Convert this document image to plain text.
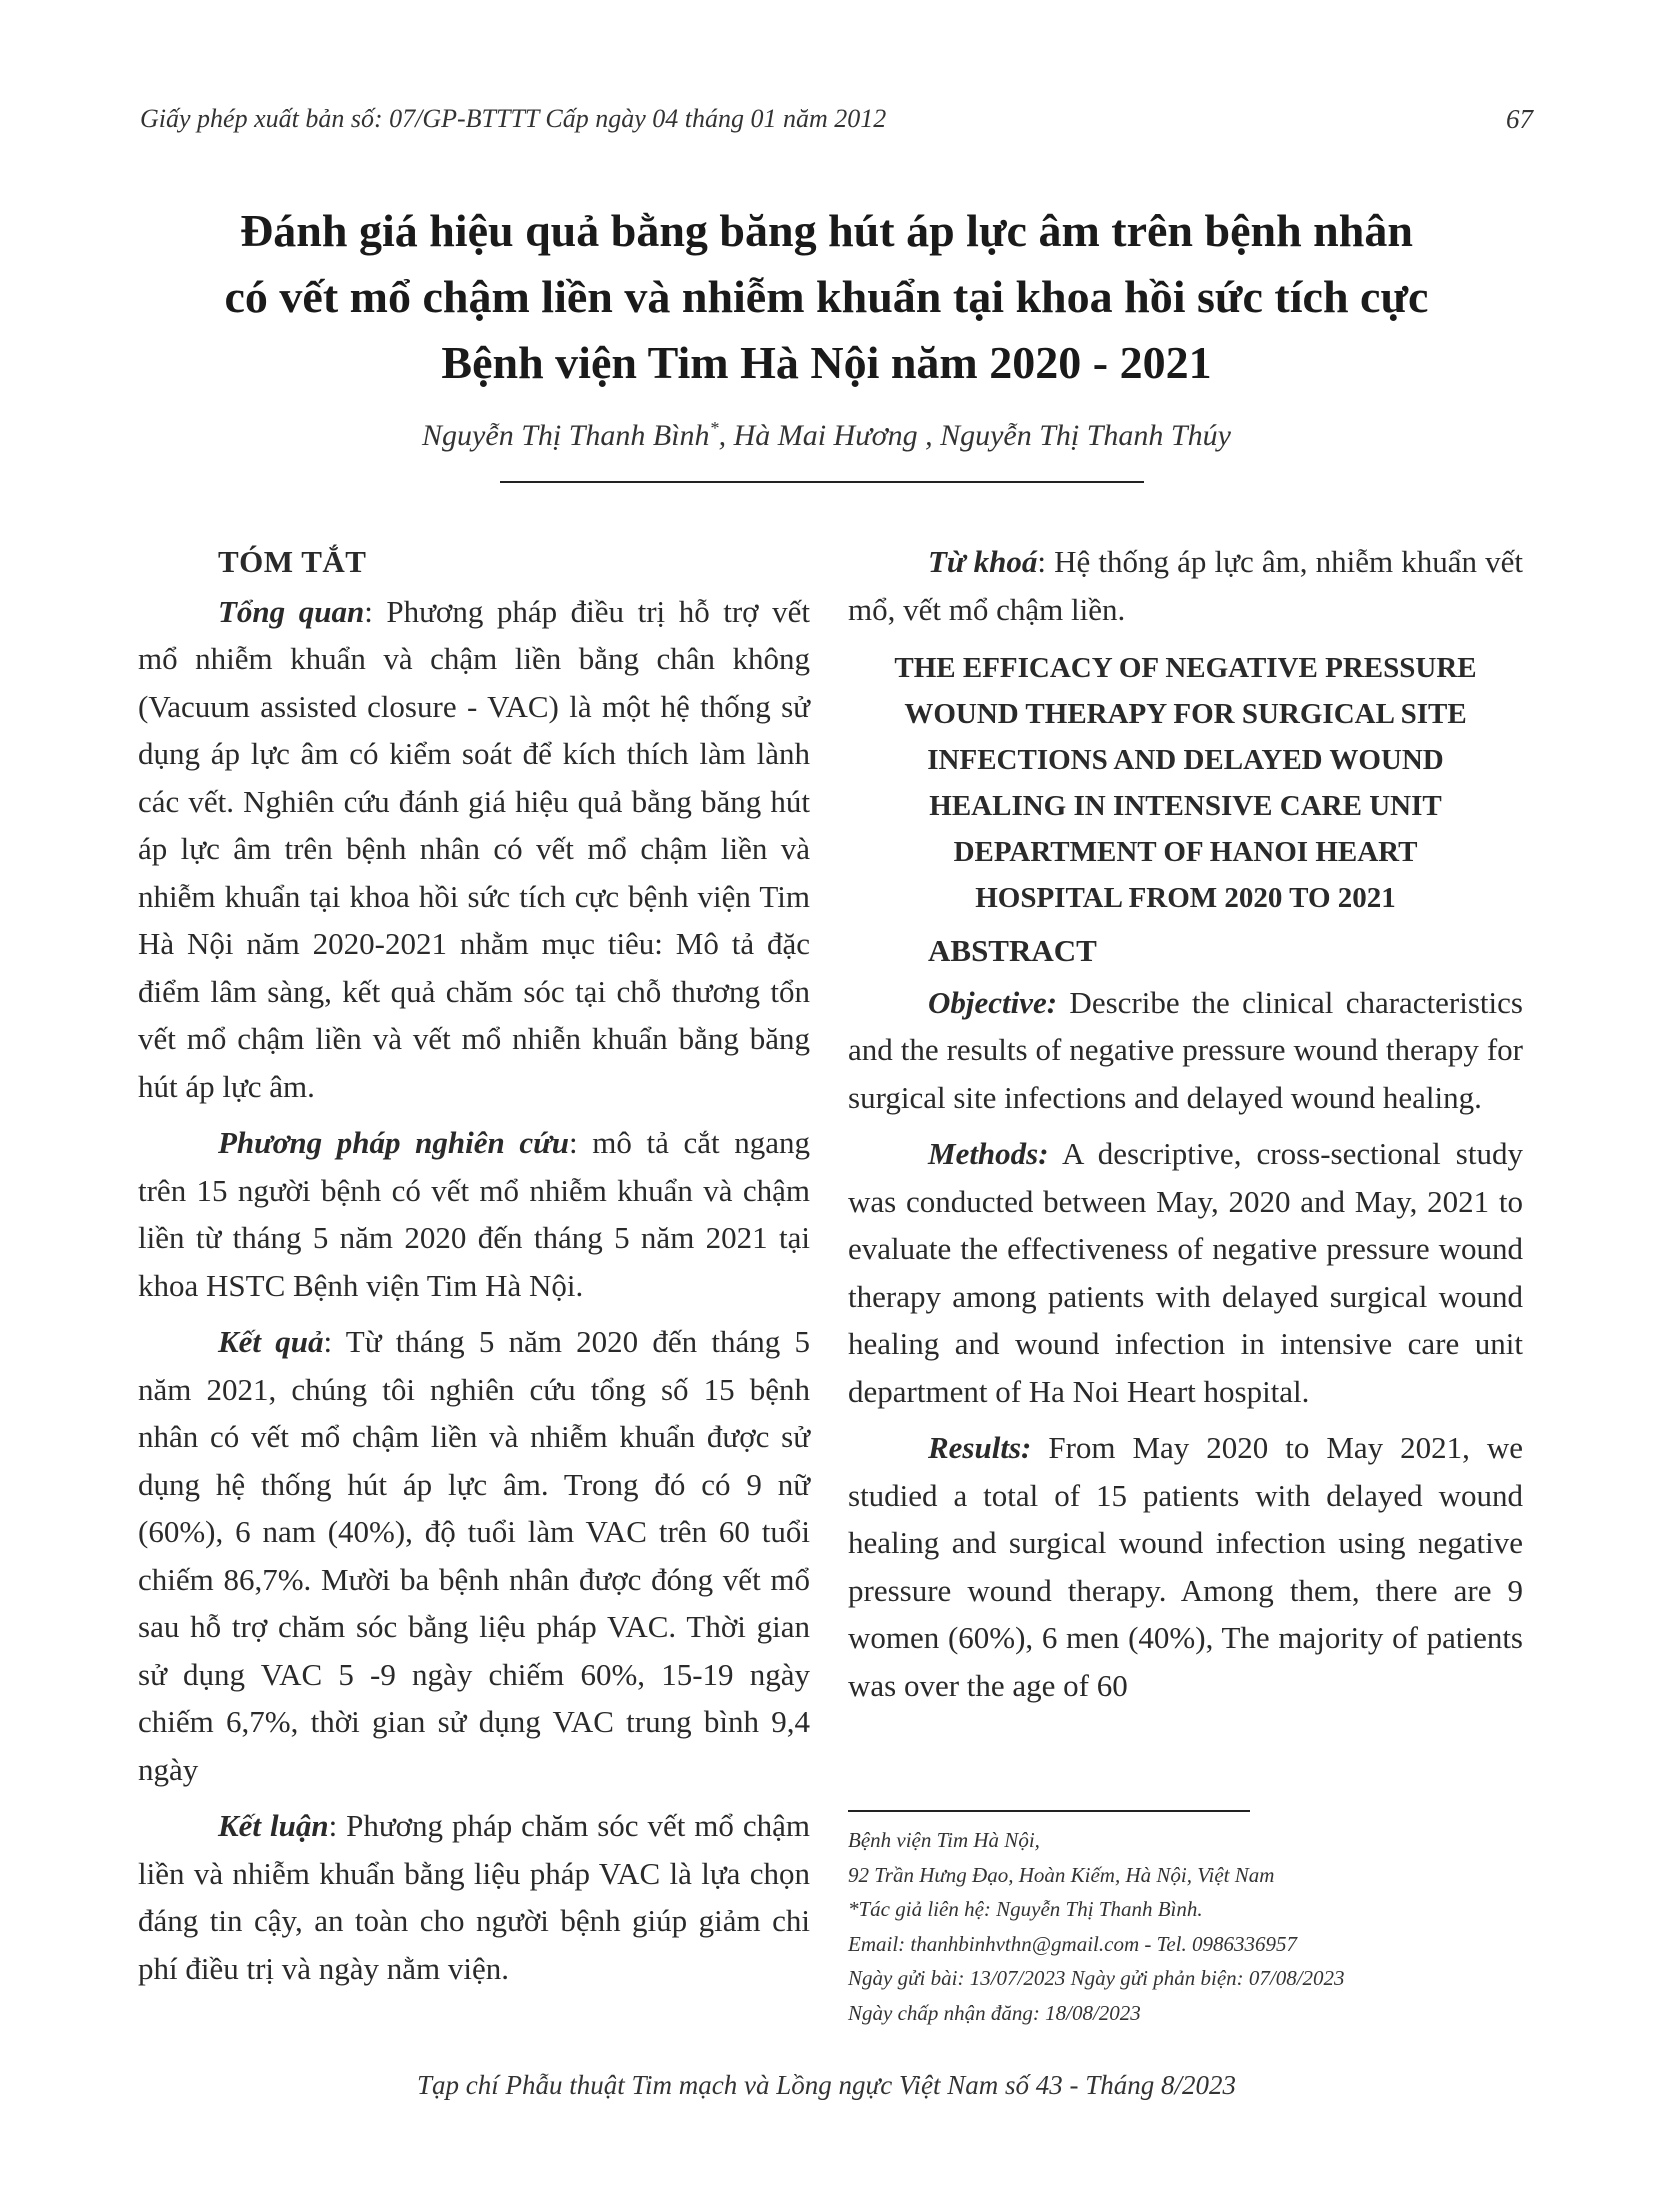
Giấy phép xuất bản số: 07/GP-BTTTT Cấp ngày 04 tháng 01 năm 2012	67
Đánh giá hiệu quả bằng băng hút áp lực âm trên bệnh nhân
có vết mổ chậm liền và nhiễm khuẩn tại khoa hồi sức tích cực
Bệnh viện Tim Hà Nội năm 2020 - 2021
Nguyễn Thị Thanh Bình*, Hà Mai Hương , Nguyễn Thị Thanh Thúy
TÓM TẮT

Tổng quan: Phương pháp điều trị hỗ trợ vết mổ nhiễm khuẩn và chậm liền bằng chân không (Vacuum assisted closure - VAC) là một hệ thống sử dụng áp lực âm có kiểm soát để kích thích làm lành các vết. Nghiên cứu đánh giá hiệu quả bằng băng hút áp lực âm trên bệnh nhân có vết mổ chậm liền và nhiễm khuẩn tại khoa hồi sức tích cực bệnh viện Tim Hà Nội năm 2020-2021 nhằm mục tiêu: Mô tả đặc điểm lâm sàng, kết quả chăm sóc tại chỗ thương tổn vết mổ chậm liền và vết mổ nhiễn khuẩn bằng băng hút áp lực âm.

Phương pháp nghiên cứu: mô tả cắt ngang trên 15 người bệnh có vết mổ nhiễm khuẩn và chậm liền từ tháng 5 năm 2020 đến tháng 5 năm 2021 tại khoa HSTC Bệnh viện Tim Hà Nội.

Kết quả: Từ tháng 5 năm 2020 đến tháng 5 năm 2021, chúng tôi nghiên cứu tổng số 15 bệnh nhân có vết mổ chậm liền và nhiễm khuẩn được sử dụng hệ thống hút áp lực âm. Trong đó có 9 nữ (60%), 6 nam (40%), độ tuổi làm VAC trên 60 tuổi chiếm 86,7%. Mười ba bệnh nhân được đóng vết mổ sau hỗ trợ chăm sóc bằng liệu pháp VAC. Thời gian sử dụng VAC 5 -9 ngày chiếm 60%, 15-19 ngày chiếm 6,7%, thời gian sử dụng VAC trung bình 9,4 ngày

Kết luận: Phương pháp chăm sóc vết mổ chậm liền và nhiễm khuẩn bằng liệu pháp VAC là lựa chọn đáng tin cậy, an toàn cho người bệnh giúp giảm chi phí điều trị và ngày nằm viện.

Từ khoá: Hệ thống áp lực âm, nhiễm khuẩn vết mổ, vết mổ chậm liền.

THE EFFICACY OF NEGATIVE PRESSURE
WOUND THERAPY FOR SURGICAL SITE
INFECTIONS AND DELAYED WOUND
HEALING IN INTENSIVE CARE UNIT
DEPARTMENT OF HANOI HEART
HOSPITAL FROM 2020 TO 2021
ABSTRACT

Objective: Describe the clinical characteristics and the results of negative pressure wound therapy for surgical site infections and delayed wound healing.

Methods: A descriptive, cross-sectional study was conducted between May, 2020 and May, 2021 to evaluate the effectiveness of negative pressure wound therapy among patients with delayed surgical wound healing and wound infection in intensive care unit department of Ha Noi Heart hospital.

Results: From May 2020 to May 2021, we studied a total of 15 patients with delayed wound healing and surgical wound infection using negative pressure wound therapy. Among them, there are 9 women (60%), 6 men (40%), The majority of patients was over the age of 60

Bệnh viện Tim Hà Nội,
92 Trần Hưng Đạo, Hoàn Kiếm, Hà Nội, Việt Nam
*Tác giả liên hệ: Nguyễn Thị Thanh Bình.
Email: thanhbinhvthn@gmail.com - Tel. 0986336957
Ngày gửi bài: 13/07/2023 Ngày gửi phản biện: 07/08/2023
Ngày chấp nhận đăng: 18/08/2023
Tạp chí Phẫu thuật Tim mạch và Lồng ngực Việt Nam số 43 - Tháng 8/2023
